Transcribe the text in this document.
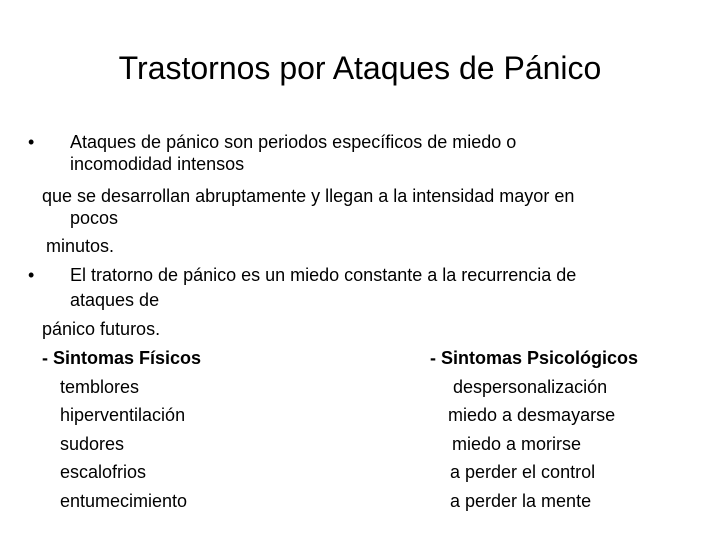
Trastornos por Ataques de Pánico
• Ataques de pánico son periodos específicos de miedo o
incomodidad intensos
que se desarrollan abruptamente y llegan a la intensidad mayor en
pocos
minutos.
• El tratorno de pánico es un miedo constante a la recurrencia de
ataques de
pánico futuros.
- Sintomas Físicos	- Sintomas Psicológicos
temblores
hiperventilación
sudores
escalofrios
entumecimiento
despersonalización
miedo a desmayarse
miedo a morirse
a perder el control
a perder la mente
